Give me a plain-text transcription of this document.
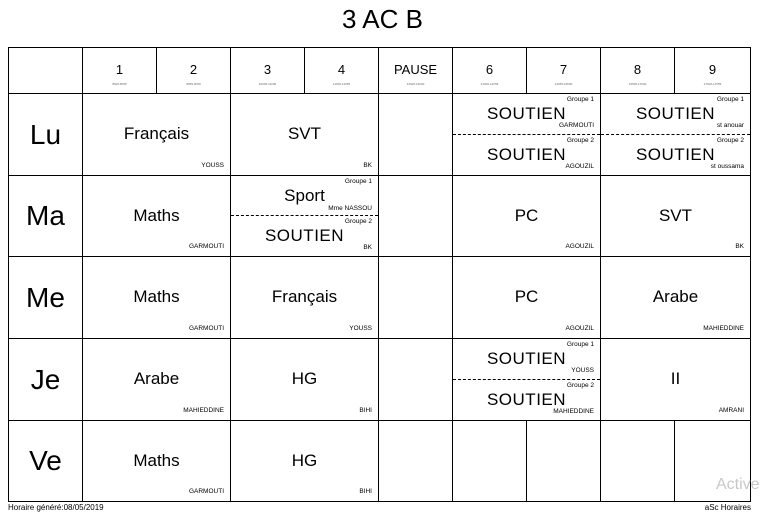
3 AC B
1
8h00-8h55
2
8h55-9h50
3
10h05-11h00
4
11h00-11h55
PAUSE
12h00-14h00
6
14h00-14h55
7
14h55-15h50
8
16h05-17h00
9
17h00-17h55
Lu
Ma
Me
Je
Ve
Français
YOUSS
SVT
BK
Groupe 1
SOUTIEN
GARMOUTI
Groupe 2
SOUTIEN
AGOUZIL
Groupe 1
SOUTIEN
st anouar
Groupe 2
SOUTIEN
st oussama
Maths
GARMOUTI
Groupe 1
Sport
Mme NASSOU
Groupe 2
SOUTIEN
BK
PC
AGOUZIL
SVT
BK
Maths
GARMOUTI
Français
YOUSS
PC
AGOUZIL
Arabe
MAHIEDDINE
Arabe
MAHIEDDINE
HG
BIHI
Groupe 1
SOUTIEN
YOUSS
Groupe 2
SOUTIEN
MAHIEDDINE
II
AMRANI
Maths
GARMOUTI
HG
BIHI
Horaire généré:08/05/2019	aSc Horaires
Active
